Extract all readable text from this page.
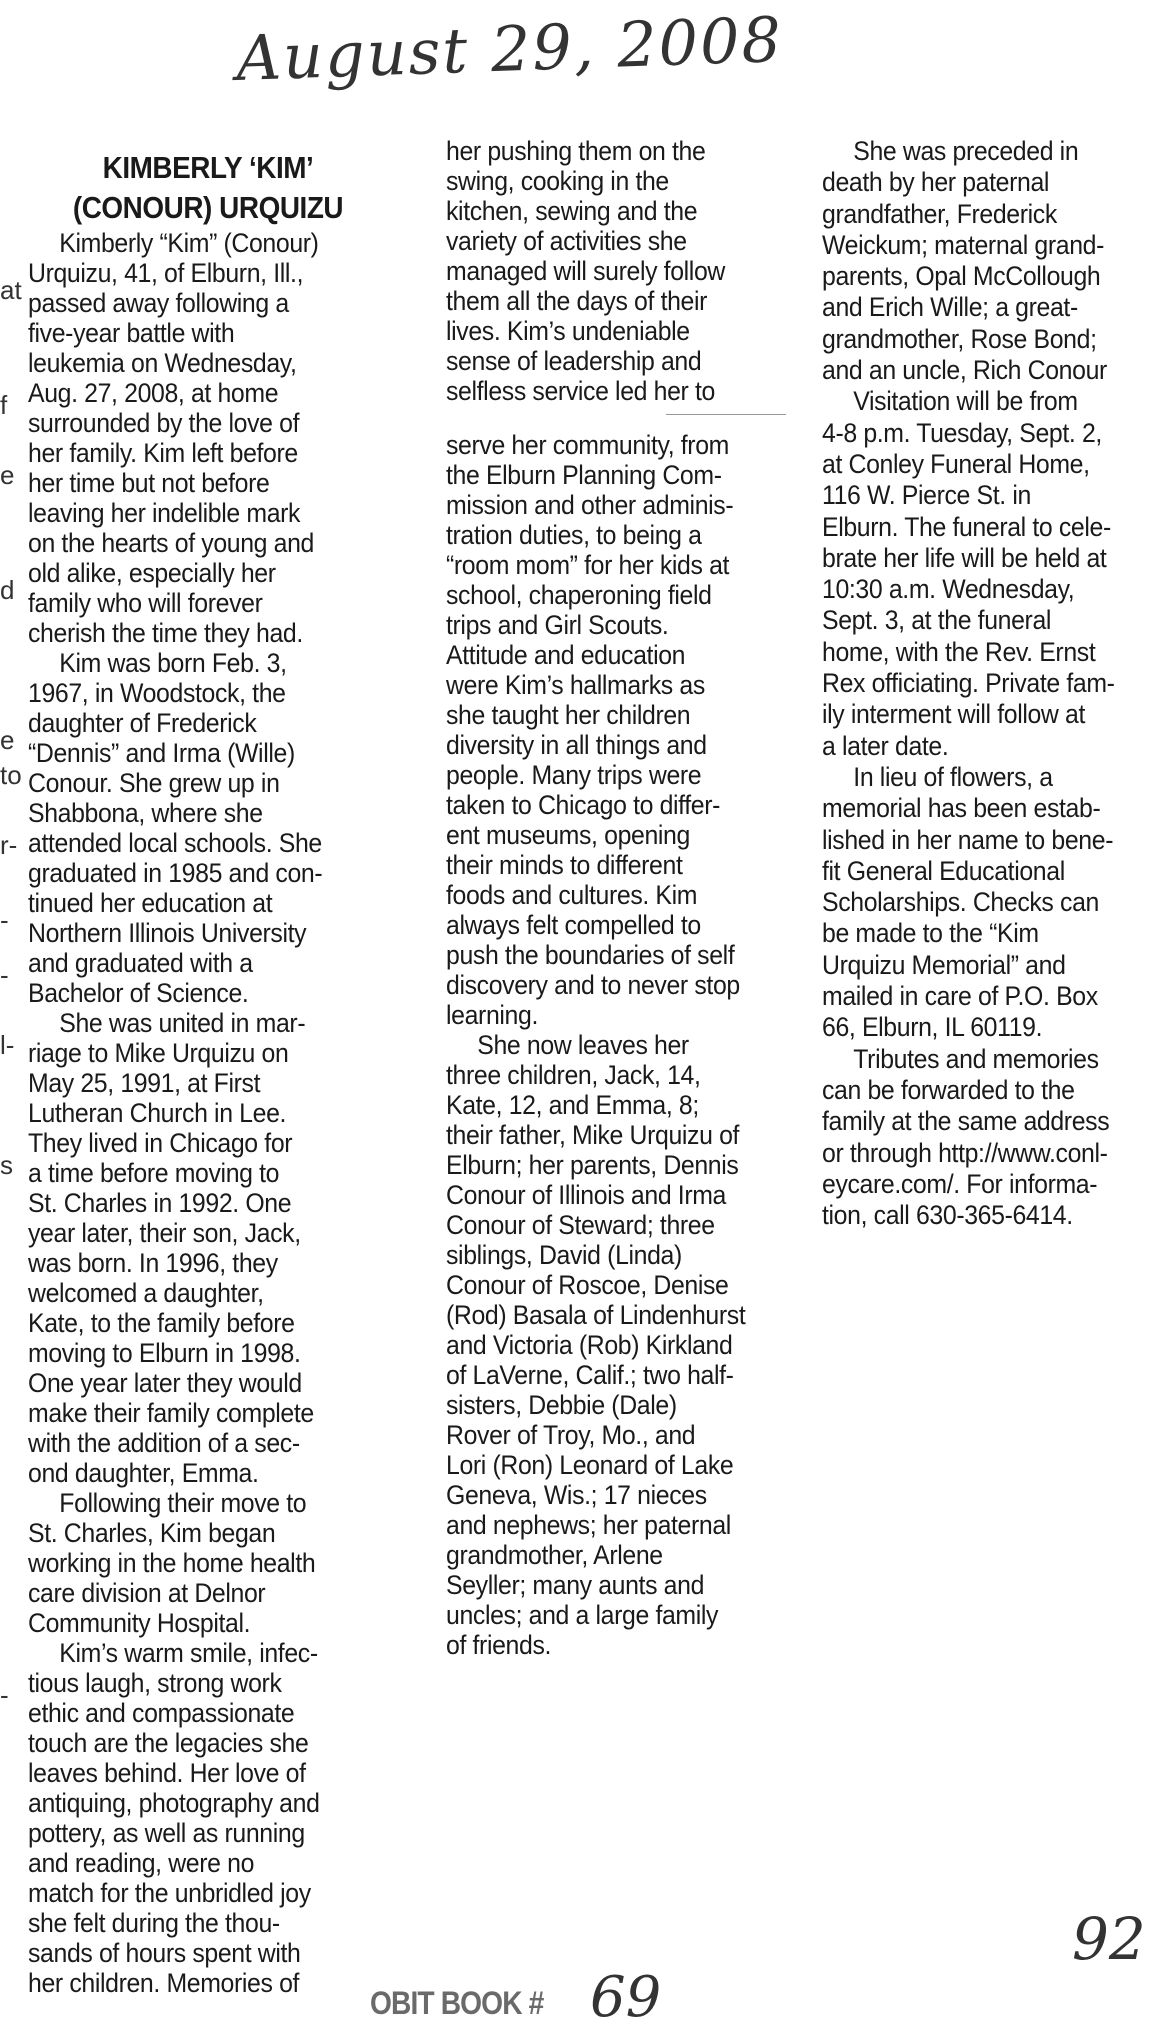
August 29, 2008
at
f
e
d
e
to
r-
-
-
l-
s
-
KIMBERLY ‘KIM’
(CONOUR) URQUIZU
Kimberly “Kim” (Conour)
Urquizu, 41, of Elburn, Ill.,
passed away following a
five-year battle with
leukemia on Wednesday,
Aug. 27, 2008, at home
surrounded by the love of
her family. Kim left before
her time but not before
leaving her indelible mark
on the hearts of young and
old alike, especially her
family who will forever
cherish the time they had.
Kim was born Feb. 3,
1967, in Woodstock, the
daughter of Frederick
“Dennis” and Irma (Wille)
Conour. She grew up in
Shabbona, where she
attended local schools. She
graduated in 1985 and con-
tinued her education at
Northern Illinois University
and graduated with a
Bachelor of Science.
She was united in mar-
riage to Mike Urquizu on
May 25, 1991, at First
Lutheran Church in Lee.
They lived in Chicago for
a time before moving to
St. Charles in 1992. One
year later, their son, Jack,
was born. In 1996, they
welcomed a daughter,
Kate, to the family before
moving to Elburn in 1998.
One year later they would
make their family complete
with the addition of a sec-
ond daughter, Emma.
Following their move to
St. Charles, Kim began
working in the home health
care division at Delnor
Community Hospital.
Kim’s warm smile, infec-
tious laugh, strong work
ethic and compassionate
touch are the legacies she
leaves behind. Her love of
antiquing, photography and
pottery, as well as running
and reading, were no
match for the unbridled joy
she felt during the thou-
sands of hours spent with
her children. Memories of
her pushing them on the
swing, cooking in the
kitchen, sewing and the
variety of activities she
managed will surely follow
them all the days of their
lives. Kim’s undeniable
sense of leadership and
selfless service led her to
serve her community, from
the Elburn Planning Com-
mission and other adminis-
tration duties, to being a
“room mom” for her kids at
school, chaperoning field
trips and Girl Scouts.
Attitude and education
were Kim’s hallmarks as
she taught her children
diversity in all things and
people. Many trips were
taken to Chicago to differ-
ent museums, opening
their minds to different
foods and cultures. Kim
always felt compelled to
push the boundaries of self
discovery and to never stop
learning.
She now leaves her
three children, Jack, 14,
Kate, 12, and Emma, 8;
their father, Mike Urquizu of
Elburn; her parents, Dennis
Conour of Illinois and Irma
Conour of Steward; three
siblings, David (Linda)
Conour of Roscoe, Denise
(Rod) Basala of Lindenhurst
and Victoria (Rob) Kirkland
of LaVerne, Calif.; two half-
sisters, Debbie (Dale)
Rover of Troy, Mo., and
Lori (Ron) Leonard of Lake
Geneva, Wis.; 17 nieces
and nephews; her paternal
grandmother, Arlene
Seyller; many aunts and
uncles; and a large family
of friends.
She was preceded in
death by her paternal
grandfather, Frederick
Weickum; maternal grand-
parents, Opal McCollough
and Erich Wille; a great-
grandmother, Rose Bond;
and an uncle, Rich Conour
Visitation will be from
4-8 p.m. Tuesday, Sept. 2,
at Conley Funeral Home,
116 W. Pierce St. in
Elburn. The funeral to cele-
brate her life will be held at
10:30 a.m. Wednesday,
Sept. 3, at the funeral
home, with the Rev. Ernst
Rex officiating. Private fam-
ily interment will follow at
a later date.
In lieu of flowers, a
memorial has been estab-
lished in her name to bene-
fit General Educational
Scholarships. Checks can
be made to the “Kim
Urquizu Memorial” and
mailed in care of P.O. Box
66, Elburn, IL 60119.
Tributes and memories
can be forwarded to the
family at the same address
or through http://www.conl-
eycare.com/. For informa-
tion, call 630-365-6414.
OBIT BOOK # 69
92
